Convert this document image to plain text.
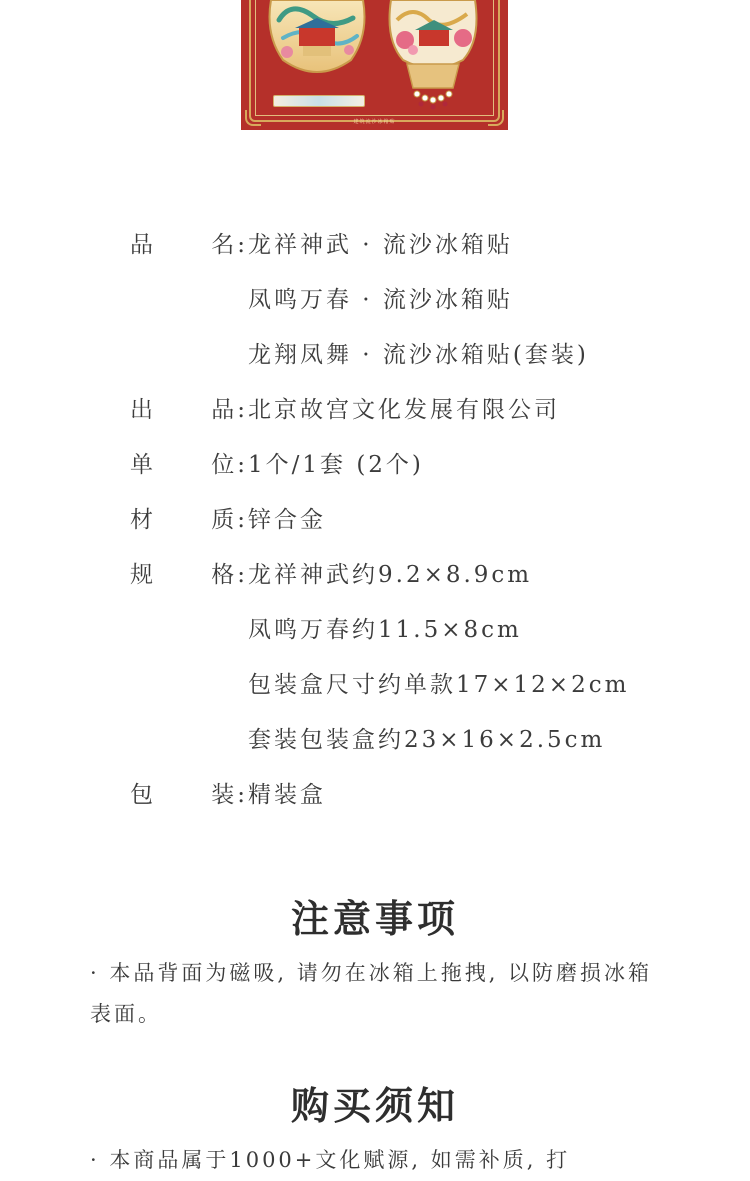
建筑流沙冰箱贴
品 名: 龙祥神武 · 流沙冰箱贴
凤鸣万春 · 流沙冰箱贴
龙翔凤舞 · 流沙冰箱贴(套装)
出 品: 北京故宫文化发展有限公司
单 位: 1个/1套 (2个)
材 质: 锌合金
规 格: 龙祥神武约9.2×8.9cm
凤鸣万春约11.5×8cm
包装盒尺寸约单款17×12×2cm
套装包装盒约23×16×2.5cm
包 装: 精装盒
注意事项
· 本品背面为磁吸, 请勿在冰箱上拖拽, 以防磨损冰箱表面。
购买须知
· 本商品属于1000+文化赋源, 如需补质, 打
